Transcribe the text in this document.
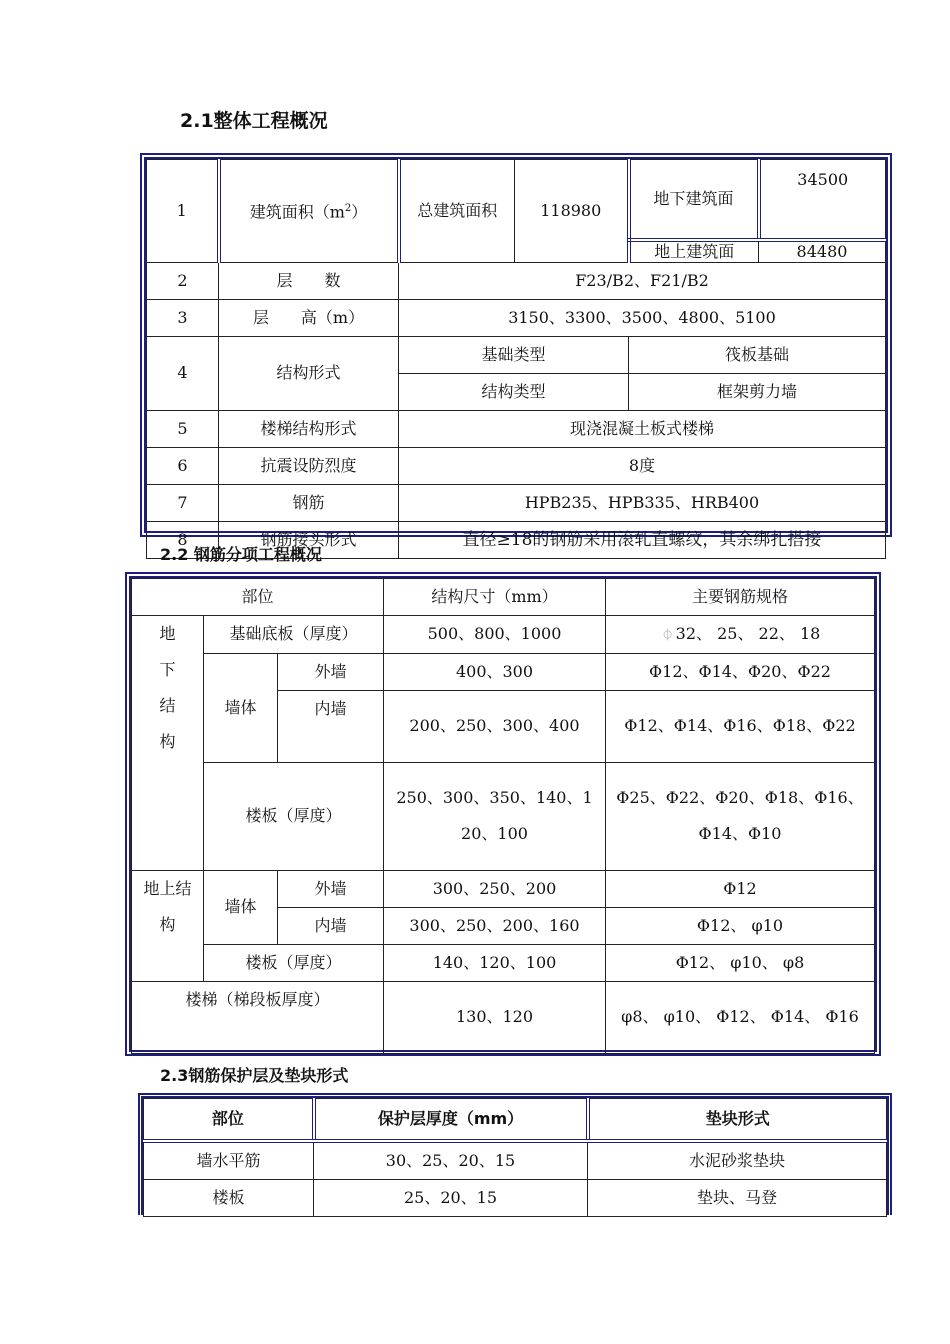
2.1整体工程概况
1	建筑面积$(m^2)$	总建筑面积	118980	地下建筑面	34500
				地上建筑面	84480
2	层　　数	F23/B2、F21/B2			
3	层　　高（m）	3150、3300、3500、4800、5100			
4	结构形式	基础类型		筏板基础	
		结构类型		框架剪力墙	
5	楼梯结构形式	现浇混凝土板式楼梯			
6	抗震设防烈度	8度			
7	钢筋	HPB235、HPB335、HRB400			
8	钢筋接头形式	直径≥18的钢筋采用滚轧直螺纹，其余绑扎搭接			
2.2 钢筋分项工程概况
部位			结构尺寸（mm）	主要钢筋规格
地下结构	基础底板（厚度）		500、800、1000	⏀ 32、 25、 22、 18
	墙体	外墙	400、300	Φ12、Φ14、Φ20、Φ22
		内墙	200、250、300、400	Φ12、Φ14、Φ16、Φ18、Φ22
	楼板（厚度）		250、300、350、140、120、100	Φ25、Φ22、Φ20、Φ18、Φ16、Φ14、Φ10

地上结构	墙体	外墙	300、250、200	Φ12
		内墙	300、250、200、160	Φ12、 φ10
	楼板（厚度）		140、120、100	Φ12、 φ10、 φ8
楼梯（梯段板厚度）			130、120	φ8、 φ10、 Φ12、 Φ14、 Φ16
2.3钢筋保护层及垫块形式
部位	保护层厚度（mm）	垫块形式
墙水平筋	30、25、20、15	水泥砂浆垫块
楼板	25、20、15	垫块、马登
